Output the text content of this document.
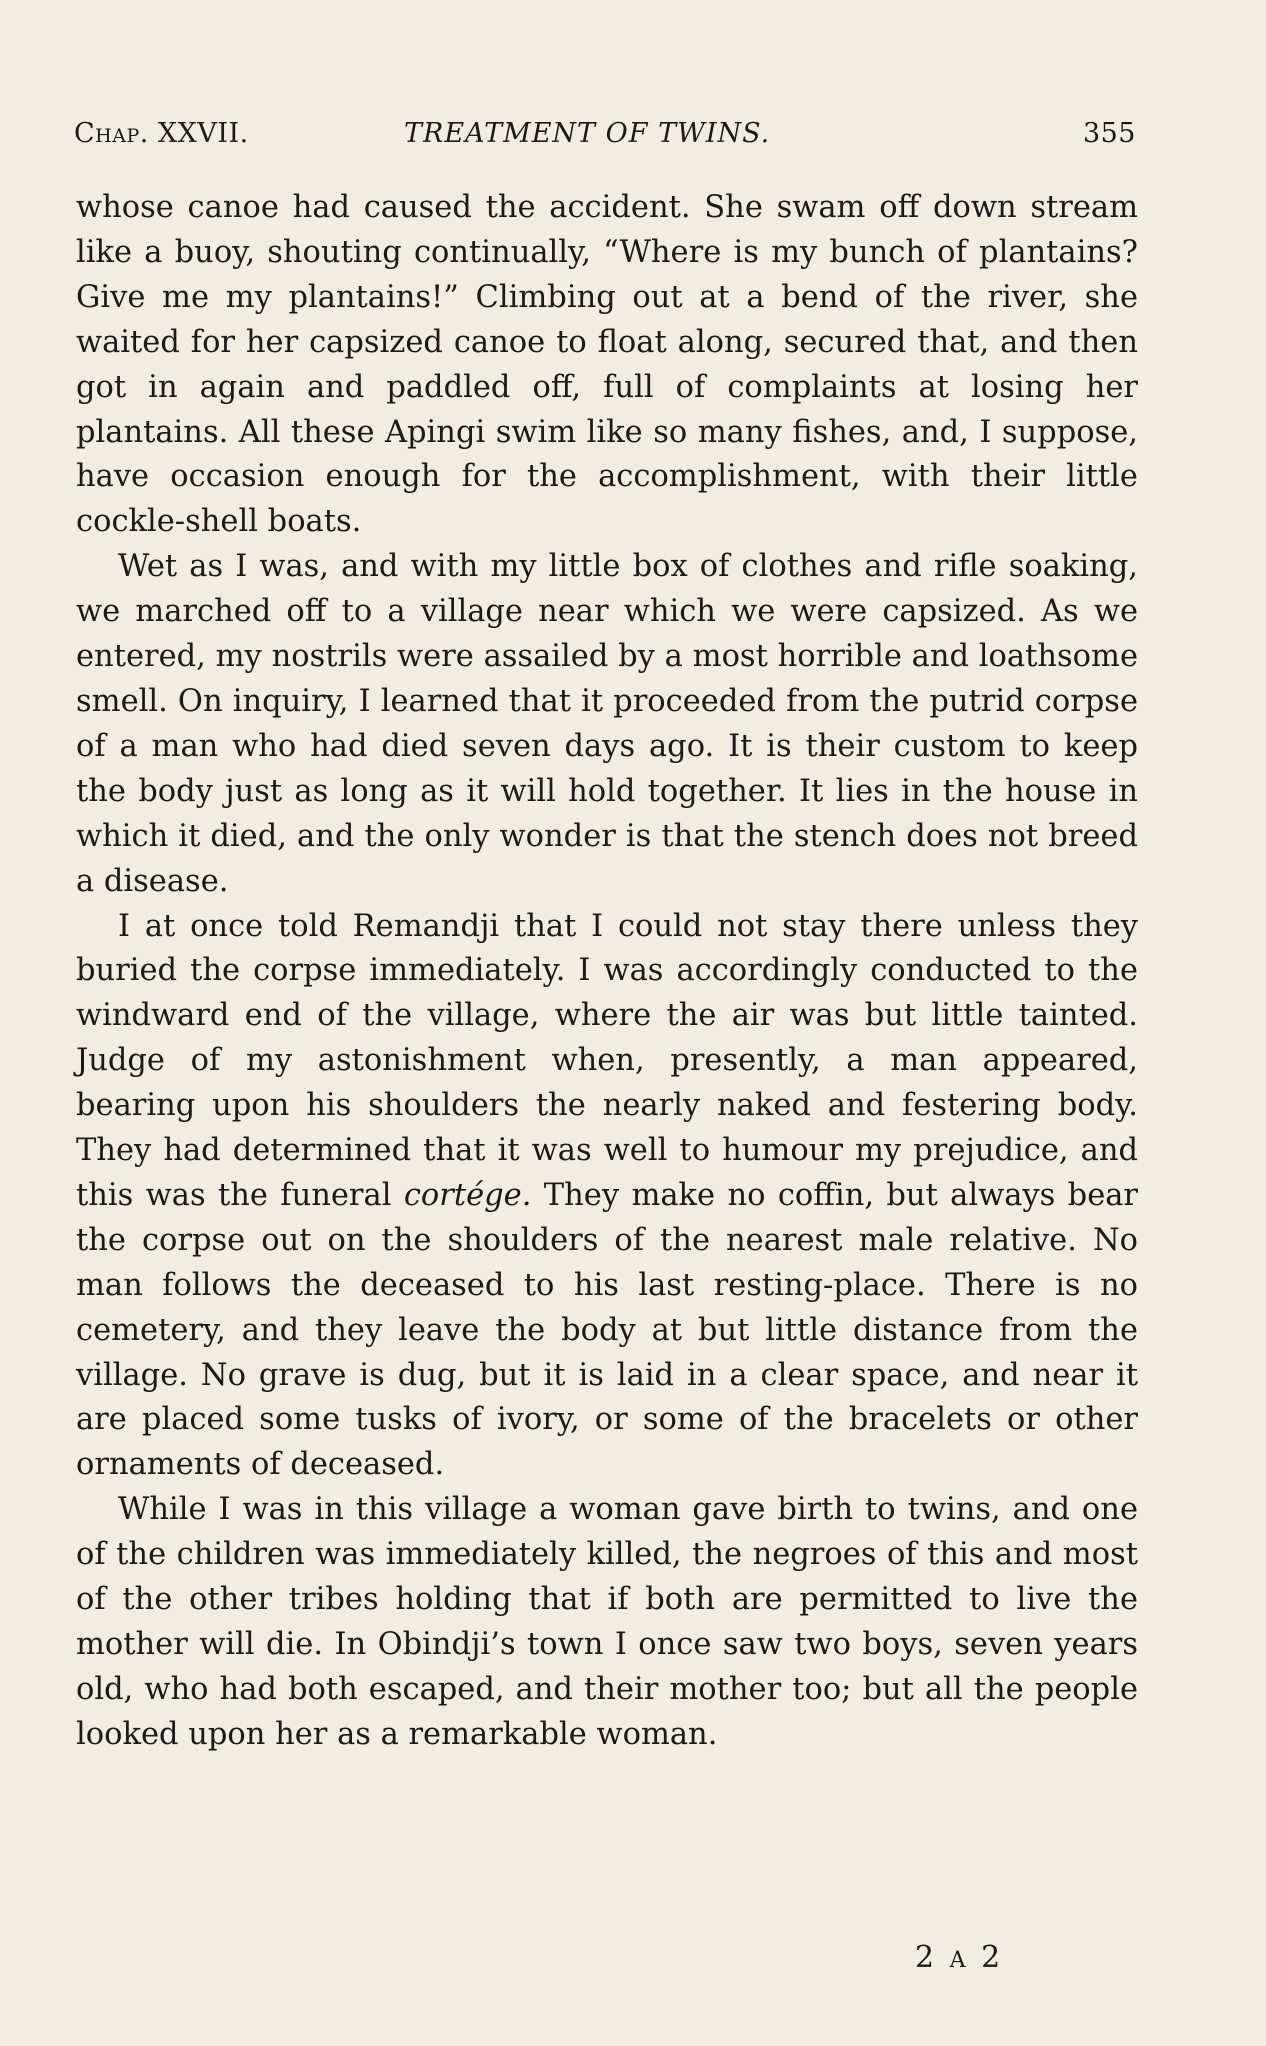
Chap. XXVII.	TREATMENT OF TWINS.	355

whose canoe had caused the accident. She swam off down stream like a buoy, shouting continually, “Where is my bunch of plantains? Give me my plantains!” Climbing out at a bend of the river, she waited for her capsized canoe to float along, secured that, and then got in again and paddled off, full of complaints at losing her plantains. All these Apingi swim like so many fishes, and, I suppose, have occasion enough for the accomplishment, with their little cockle-shell boats.

Wet as I was, and with my little box of clothes and rifle soaking, we marched off to a village near which we were capsized. As we entered, my nostrils were assailed by a most horrible and loathsome smell. On inquiry, I learned that it proceeded from the putrid corpse of a man who had died seven days ago. It is their custom to keep the body just as long as it will hold together. It lies in the house in which it died, and the only wonder is that the stench does not breed a disease.

I at once told Remandji that I could not stay there unless they buried the corpse immediately. I was accordingly conducted to the windward end of the village, where the air was but little tainted. Judge of my astonishment when, presently, a man appeared, bearing upon his shoulders the nearly naked and festering body. They had determined that it was well to humour my prejudice, and this was the funeral cortége. They make no coffin, but always bear the corpse out on the shoulders of the nearest male relative. No man follows the deceased to his last resting-place. There is no cemetery, and they leave the body at but little distance from the village. No grave is dug, but it is laid in a clear space, and near it are placed some tusks of ivory, or some of the bracelets or other ornaments of deceased.

While I was in this village a woman gave birth to twins, and one of the children was immediately killed, the negroes of this and most of the other tribes holding that if both are permitted to live the mother will die. In Obindji’s town I once saw two boys, seven years old, who had both escaped, and their mother too; but all the people looked upon her as a remarkable woman.

2 A 2
